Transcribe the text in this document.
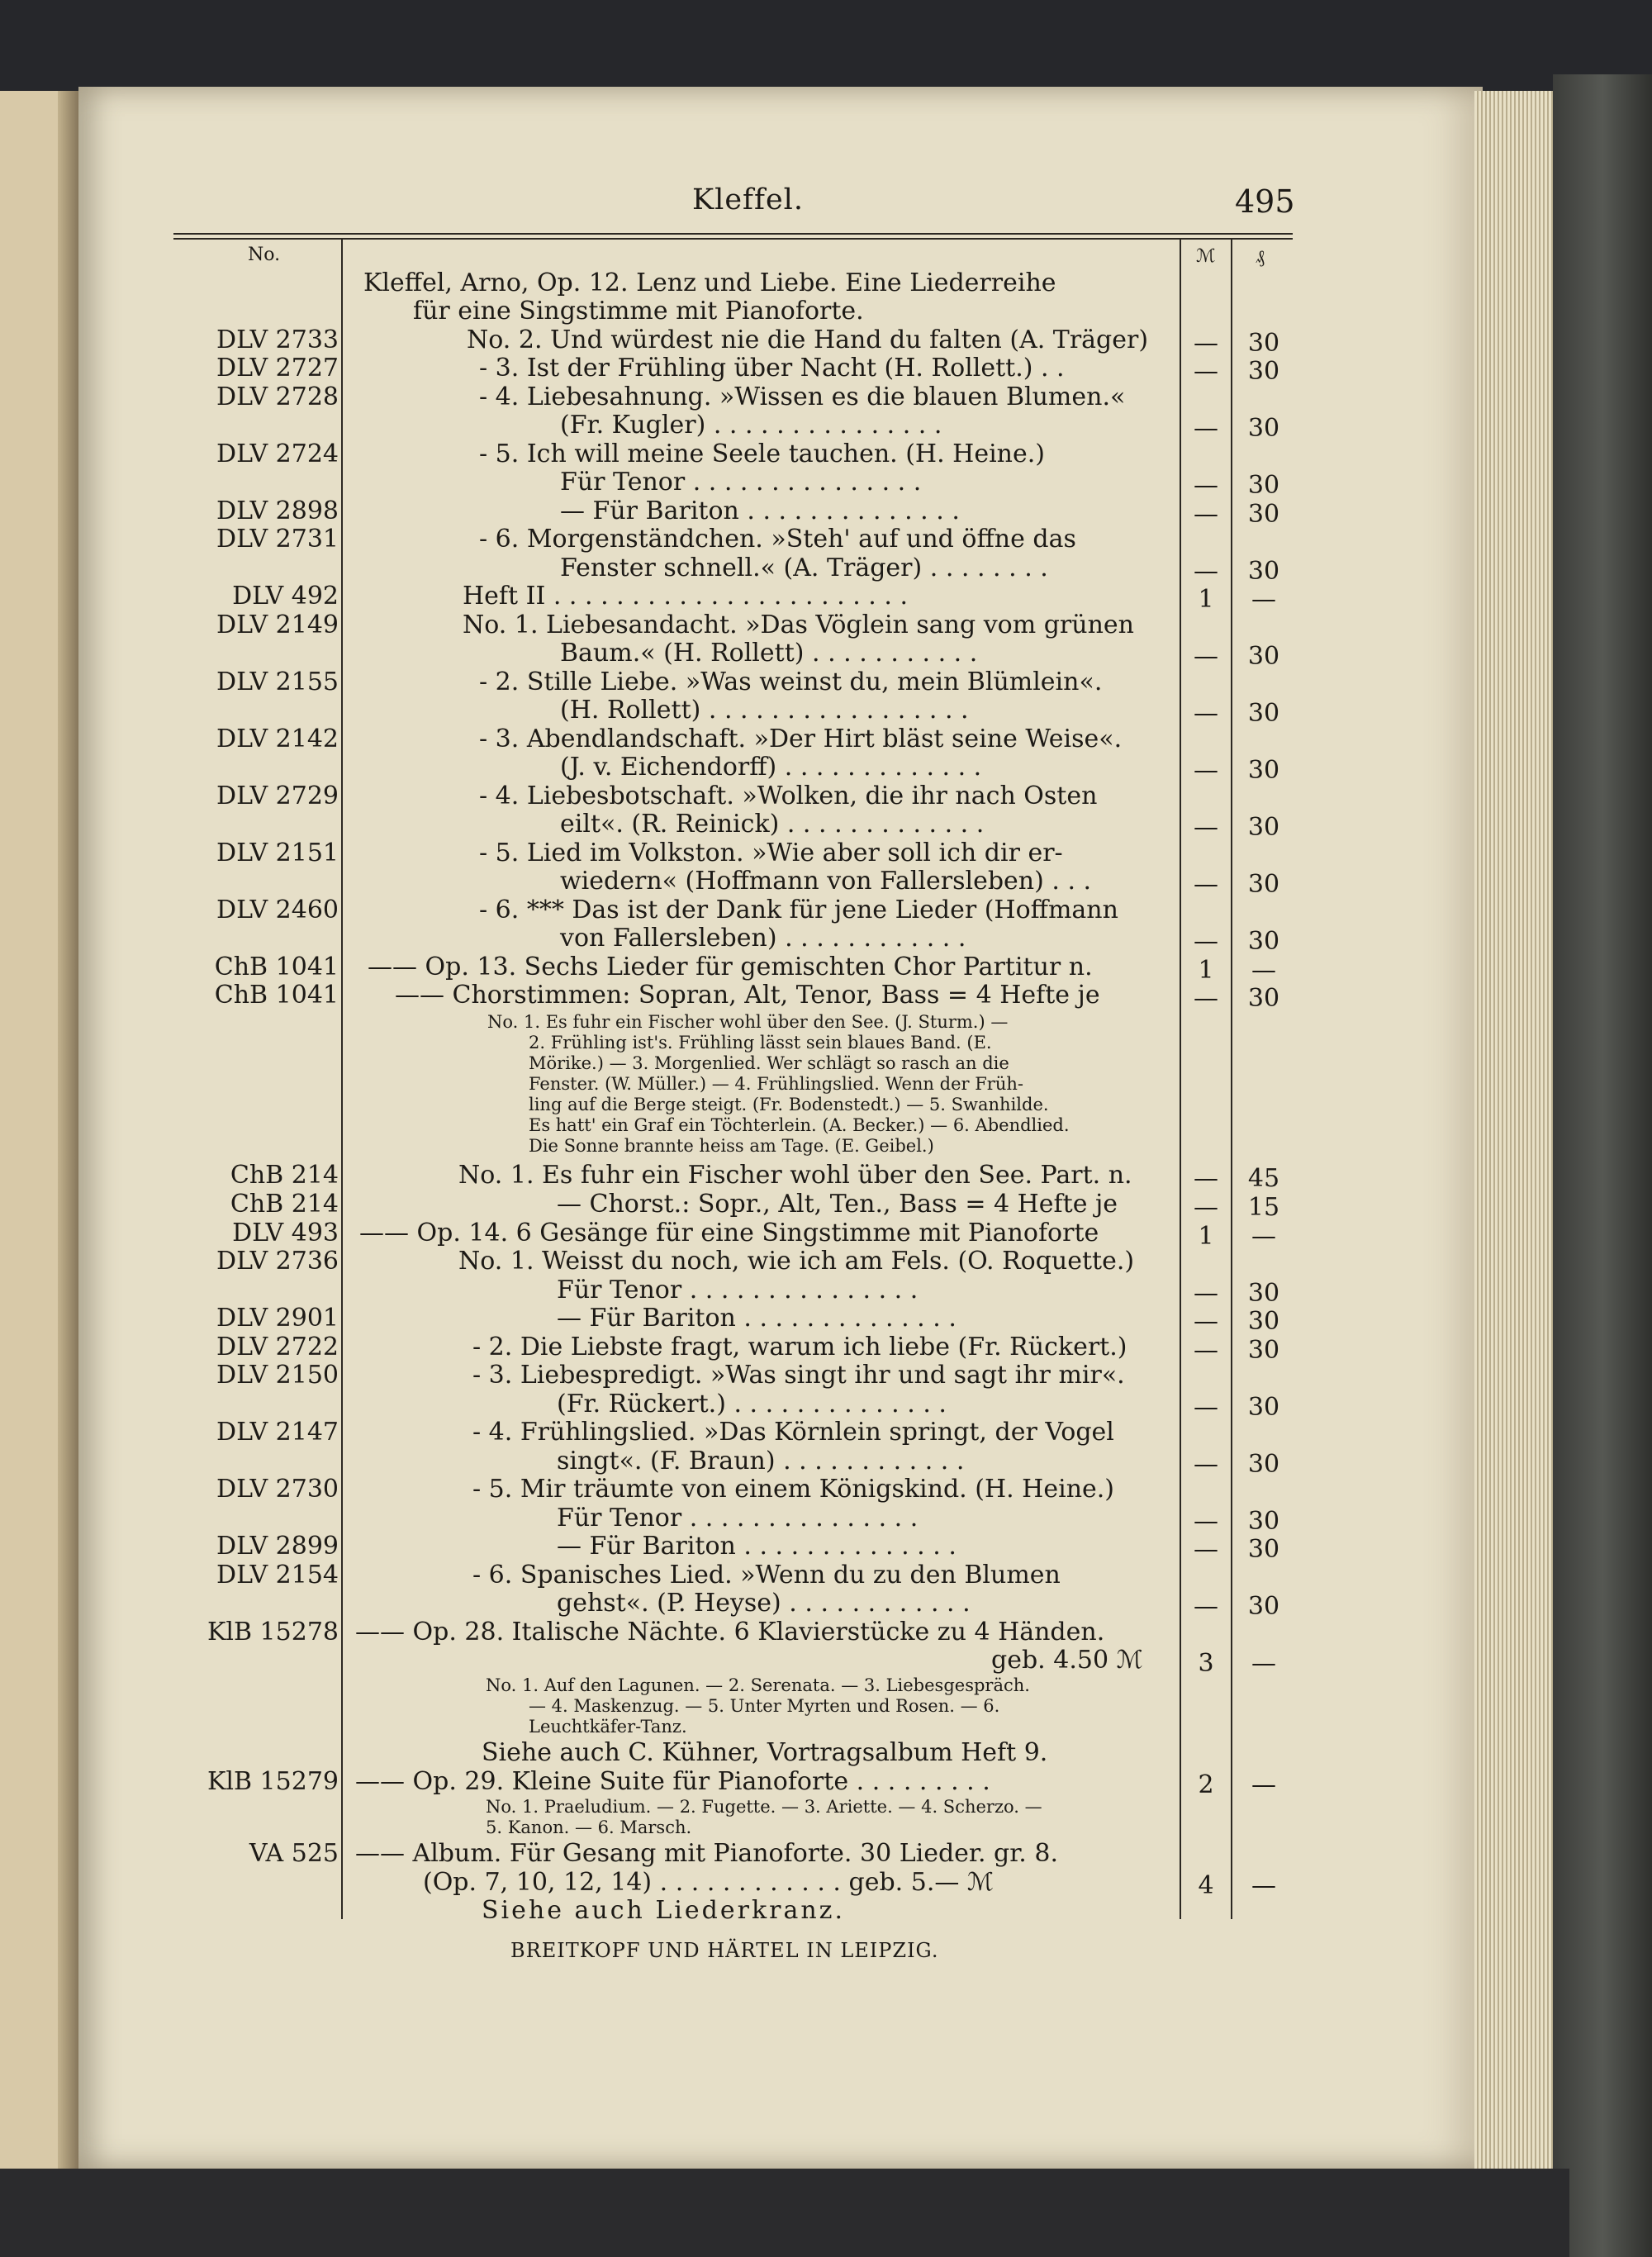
Kleffel.	495
No.	ℳ ₰
Kleffel, Arno, Op. 12. Lenz und Liebe. Eine Liederreihe
für eine Singstimme mit Pianoforte.
DLV 2733	No. 2. Und würdest nie die Hand du falten (A. Träger)	—	30
DLV 2727	- 3. Ist der Frühling über Nacht (H. Rollett.) . .	—	30
DLV 2728	- 4. Liebesahnung. »Wissen es die blauen Blumen.«
(Fr. Kugler) . . . . . . . . . . . . . . .	—	30
DLV 2724	- 5. Ich will meine Seele tauchen. (H. Heine.)
Für Tenor . . . . . . . . . . . . . . .	—	30
DLV 2898	— Für Bariton . . . . . . . . . . . . . .	—	30
DLV 2731	- 6. Morgenständchen. »Steh' auf und öffne das
Fenster schnell.« (A. Träger) . . . . . . . .	—	30
DLV 492	Heft II . . . . . . . . . . . . . . . . . . . . . . .	1	—
DLV 2149	No. 1. Liebesandacht. »Das Vöglein sang vom grünen
Baum.« (H. Rollett) . . . . . . . . . . .	—	30
DLV 2155	- 2. Stille Liebe. »Was weinst du, mein Blümlein«.
(H. Rollett) . . . . . . . . . . . . . . . . .	—	30
DLV 2142	- 3. Abendlandschaft. »Der Hirt bläst seine Weise«.
(J. v. Eichendorff) . . . . . . . . . . . . .	—	30
DLV 2729	- 4. Liebesbotschaft. »Wolken, die ihr nach Osten
eilt«. (R. Reinick) . . . . . . . . . . . . .	—	30
DLV 2151	- 5. Lied im Volkston. »Wie aber soll ich dir er-
wiedern« (Hoffmann von Fallersleben) . . .	—	30
DLV 2460	- 6. *** Das ist der Dank für jene Lieder (Hoffmann
von Fallersleben) . . . . . . . . . . . .	—	30
ChB 1041 —— Op. 13. Sechs Lieder für gemischten Chor Partitur n.	1	—
ChB 1041 —— Chorstimmen: Sopran, Alt, Tenor, Bass = 4 Hefte je	—	30
No. 1. Es fuhr ein Fischer wohl über den See. (J. Sturm.) —
2. Frühling ist's. Frühling lässt sein blaues Band. (E.
Mörike.) — 3. Morgenlied. Wer schlägt so rasch an die
Fenster. (W. Müller.) — 4. Frühlingslied. Wenn der Früh-
ling auf die Berge steigt. (Fr. Bodenstedt.) — 5. Swanhilde.
Es hatt' ein Graf ein Töchterlein. (A. Becker.) — 6. Abendlied.
Die Sonne brannte heiss am Tage. (E. Geibel.)
ChB 214	No. 1. Es fuhr ein Fischer wohl über den See. Part. n.	—	45
ChB 214	— Chorst.: Sopr., Alt, Ten., Bass = 4 Hefte je	—	15
DLV 493 —— Op. 14. 6 Gesänge für eine Singstimme mit Pianoforte	1	—
DLV 2736	No. 1. Weisst du noch, wie ich am Fels. (O. Roquette.)
Für Tenor . . . . . . . . . . . . . . .	—	30
DLV 2901	— Für Bariton . . . . . . . . . . . . . .	—	30
DLV 2722	- 2. Die Liebste fragt, warum ich liebe (Fr. Rückert.)	—	30
DLV 2150	- 3. Liebespredigt. »Was singt ihr und sagt ihr mir«.
(Fr. Rückert.) . . . . . . . . . . . . . .	—	30
DLV 2147	- 4. Frühlingslied. »Das Körnlein springt, der Vogel
singt«. (F. Braun) . . . . . . . . . . . .	—	30
DLV 2730	- 5. Mir träumte von einem Königskind. (H. Heine.)
Für Tenor . . . . . . . . . . . . . . .	—	30
DLV 2899	— Für Bariton . . . . . . . . . . . . . .	—	30
DLV 2154	- 6. Spanisches Lied. »Wenn du zu den Blumen
gehst«. (P. Heyse) . . . . . . . . . . . .	—	30
KlB 15278 —— Op. 28. Italische Nächte. 6 Klavierstücke zu 4 Händen.
geb. 4.50 ℳ	3	—
No. 1. Auf den Lagunen. — 2. Serenata. — 3. Liebesgespräch.
— 4. Maskenzug. — 5. Unter Myrten und Rosen. — 6.
Leuchtkäfer-Tanz.
Siehe auch C. Kühner, Vortragsalbum Heft 9.
KlB 15279 —— Op. 29. Kleine Suite für Pianoforte . . . . . . . . .	2	—
No. 1. Praeludium. — 2. Fugette. — 3. Ariette. — 4. Scherzo. —
5. Kanon. — 6. Marsch.
VA 525 —— Album. Für Gesang mit Pianoforte. 30 Lieder. gr. 8.
(Op. 7, 10, 12, 14) . . . . . . . . . . . . geb. 5.— ℳ	4	—
Siehe auch Liederkranz.
BREITKOPF UND HÄRTEL IN LEIPZIG.
